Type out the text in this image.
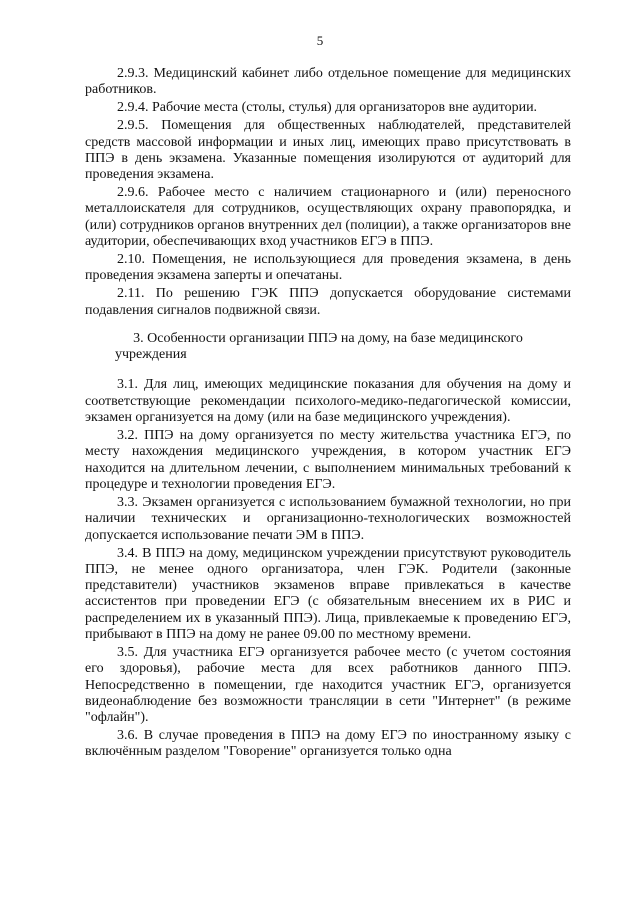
5

2.9.3. Медицинский кабинет либо отдельное помещение для медицинских работников.

2.9.4. Рабочие места (столы, стулья) для организаторов вне аудитории.

2.9.5. Помещения для общественных наблюдателей, представителей средств массовой информации и иных лиц, имеющих право присутствовать в ППЭ в день экзамена. Указанные помещения изолируются от аудиторий для проведения экзамена.

2.9.6. Рабочее место с наличием стационарного и (или) переносного металлоискателя для сотрудников, осуществляющих охрану правопорядка, и (или) сотрудников органов внутренних дел (полиции), а также организаторов вне аудитории, обеспечивающих вход участников ЕГЭ в ППЭ.

2.10. Помещения, не использующиеся для проведения экзамена, в день проведения экзамена заперты и опечатаны.

2.11. По решению ГЭК ППЭ допускается оборудование системами подавления сигналов подвижной связи.

3. Особенности организации ППЭ на дому, на базе медицинского учреждения

3.1. Для лиц, имеющих медицинские показания для обучения на дому и соответствующие рекомендации психолого-медико-педагогической комиссии, экзамен организуется на дому (или на базе медицинского учреждения).

3.2. ППЭ на дому организуется по месту жительства участника ЕГЭ, по месту нахождения медицинского учреждения, в котором участник ЕГЭ находится на длительном лечении, с выполнением минимальных требований к процедуре и технологии проведения ЕГЭ.

3.3. Экзамен организуется с использованием бумажной технологии, но при наличии технических и организационно-технологических возможностей допускается использование печати ЭМ в ППЭ.

3.4. В ППЭ на дому, медицинском учреждении присутствуют руководитель ППЭ, не менее одного организатора, член ГЭК. Родители (законные представители) участников экзаменов вправе привлекаться в качестве ассистентов при проведении ЕГЭ (с обязательным внесением их в РИС и распределением их в указанный ППЭ). Лица, привлекаемые к проведению ЕГЭ, прибывают в ППЭ на дому не ранее 09.00 по местному времени.

3.5. Для участника ЕГЭ организуется рабочее место (с учетом состояния его здоровья), рабочие места для всех работников данного ППЭ. Непосредственно в помещении, где находится участник ЕГЭ, организуется видеонаблюдение без возможности трансляции в сети "Интернет" (в режиме "офлайн").

3.6. В случае проведения в ППЭ на дому ЕГЭ по иностранному языку с включённым разделом "Говорение" организуется только одна
